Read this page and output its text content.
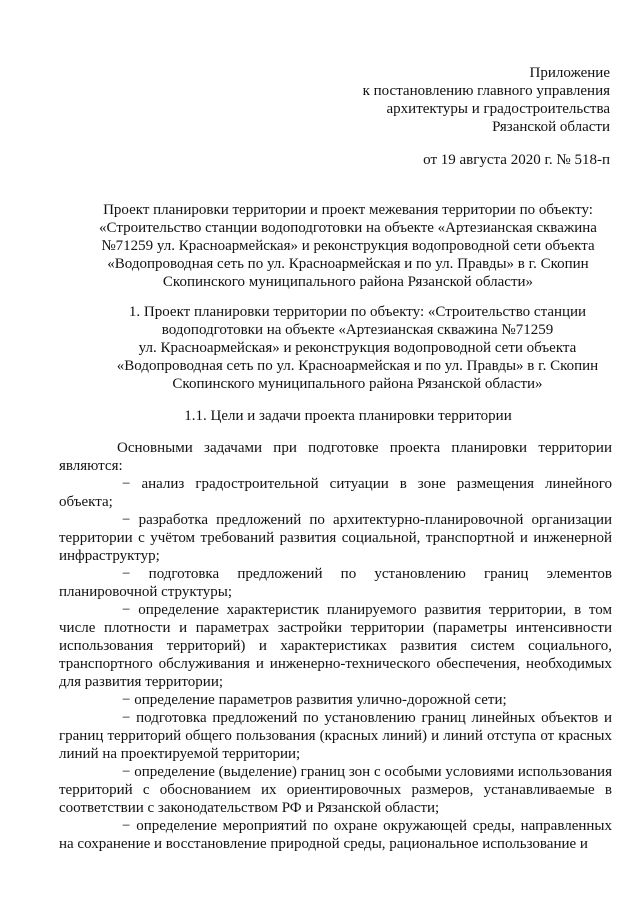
Приложение
к постановлению главного управления
архитектуры и градостроительства
Рязанской области
от 19 августа 2020 г. № 518-п
Проект планировки территории и проект межевания территории по объекту:
«Строительство станции водоподготовки на объекте «Артезианская скважина
№71259 ул. Красноармейская» и реконструкция водопроводной сети объекта
«Водопроводная сеть по ул. Красноармейская и по ул. Правды» в г. Скопин
Скопинского муниципального района Рязанской области»
1. Проект планировки территории по объекту: «Строительство станции
водоподготовки на объекте «Артезианская скважина №71259
ул. Красноармейская» и реконструкция водопроводной сети объекта
«Водопроводная сеть по ул. Красноармейская и по ул. Правды» в г. Скопин
Скопинского муниципального района Рязанской области»
1.1. Цели и задачи проекта планировки территории

Основными задачами при подготовке проекта планировки территории являются:

− анализ градостроительной ситуации в зоне размещения линейного объекта;

− разработка предложений по архитектурно-планировочной организации территории с учётом требований развития социальной, транспортной и инженерной инфраструктур;

− подготовка предложений по установлению границ элементов планировочной структуры;

− определение характеристик планируемого развития территории, в том числе плотности и параметрах застройки территории (параметры интенсивности использования территорий) и характеристиках развития систем социального, транспортного обслуживания и инженерно-технического обеспечения, необходимых для развития территории;

− определение параметров развития улично-дорожной сети;

− подготовка предложений по установлению границ линейных объектов и границ территорий общего пользования (красных линий) и линий отступа от красных линий на проектируемой территории;

− определение (выделение) границ зон с особыми условиями использования территорий с обоснованием их ориентировочных размеров, устанавливаемые в соответствии с законодательством РФ и Рязанской области;

− определение мероприятий по охране окружающей среды, направленных на сохранение и восстановление природной среды, рациональное использование и
